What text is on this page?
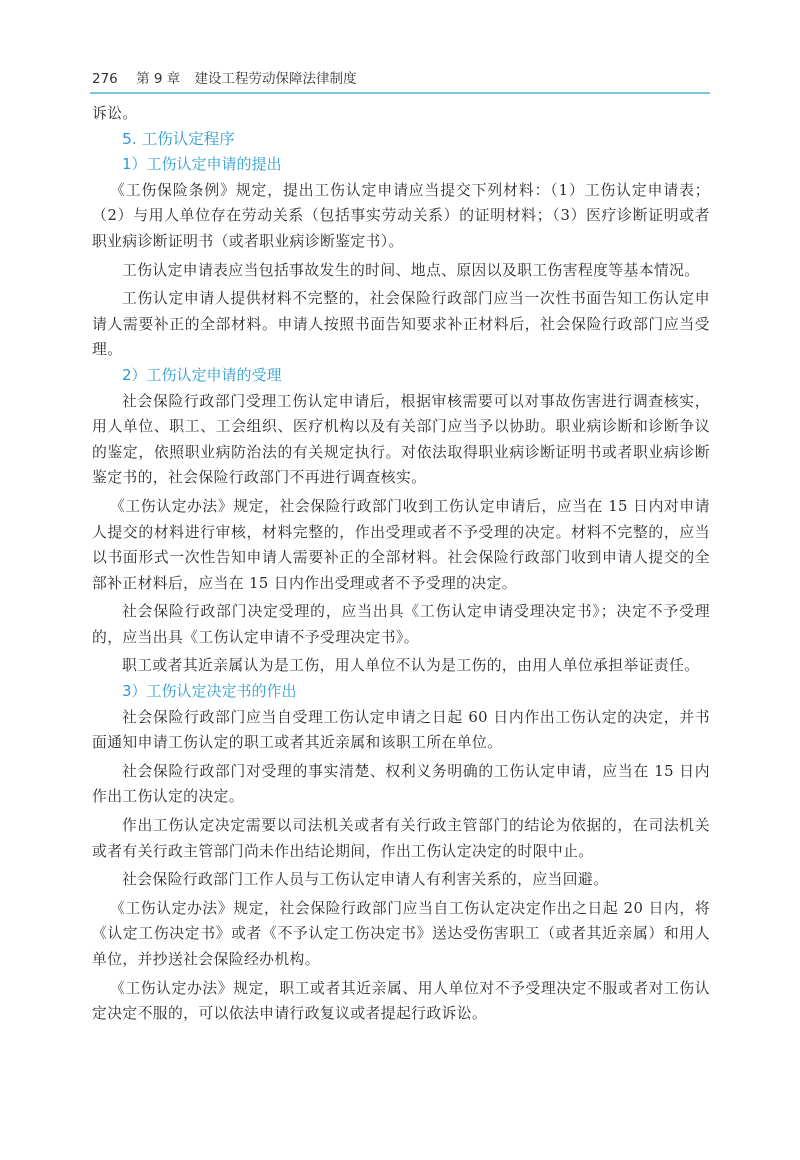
276 第 9 章 建设工程劳动保障法律制度

诉讼。

5. 工伤认定程序

1）工伤认定申请的提出

《工伤保险条例》规定，提出工伤认定申请应当提交下列材料：（1）工伤认定申请表；（2）与用人单位存在劳动关系（包括事实劳动关系）的证明材料；（3）医疗诊断证明或者职业病诊断证明书（或者职业病诊断鉴定书）。

工伤认定申请表应当包括事故发生的时间、地点、原因以及职工伤害程度等基本情况。

工伤认定申请人提供材料不完整的，社会保险行政部门应当一次性书面告知工伤认定申请人需要补正的全部材料。申请人按照书面告知要求补正材料后，社会保险行政部门应当受理。

2）工伤认定申请的受理

社会保险行政部门受理工伤认定申请后，根据审核需要可以对事故伤害进行调查核实，用人单位、职工、工会组织、医疗机构以及有关部门应当予以协助。职业病诊断和诊断争议的鉴定，依照职业病防治法的有关规定执行。对依法取得职业病诊断证明书或者职业病诊断鉴定书的，社会保险行政部门不再进行调查核实。

《工伤认定办法》规定，社会保险行政部门收到工伤认定申请后，应当在 15 日内对申请人提交的材料进行审核，材料完整的，作出受理或者不予受理的决定。材料不完整的，应当以书面形式一次性告知申请人需要补正的全部材料。社会保险行政部门收到申请人提交的全部补正材料后，应当在 15 日内作出受理或者不予受理的决定。

社会保险行政部门决定受理的，应当出具《工伤认定申请受理决定书》；决定不予受理的，应当出具《工伤认定申请不予受理决定书》。

职工或者其近亲属认为是工伤，用人单位不认为是工伤的，由用人单位承担举证责任。

3）工伤认定决定书的作出

社会保险行政部门应当自受理工伤认定申请之日起 60 日内作出工伤认定的决定，并书面通知申请工伤认定的职工或者其近亲属和该职工所在单位。

社会保险行政部门对受理的事实清楚、权利义务明确的工伤认定申请，应当在 15 日内作出工伤认定的决定。

作出工伤认定决定需要以司法机关或者有关行政主管部门的结论为依据的，在司法机关或者有关行政主管部门尚未作出结论期间，作出工伤认定决定的时限中止。

社会保险行政部门工作人员与工伤认定申请人有利害关系的，应当回避。

《工伤认定办法》规定，社会保险行政部门应当自工伤认定决定作出之日起 20 日内，将《认定工伤决定书》或者《不予认定工伤决定书》送达受伤害职工（或者其近亲属）和用人单位，并抄送社会保险经办机构。

《工伤认定办法》规定，职工或者其近亲属、用人单位对不予受理决定不服或者对工伤认定决定不服的，可以依法申请行政复议或者提起行政诉讼。
